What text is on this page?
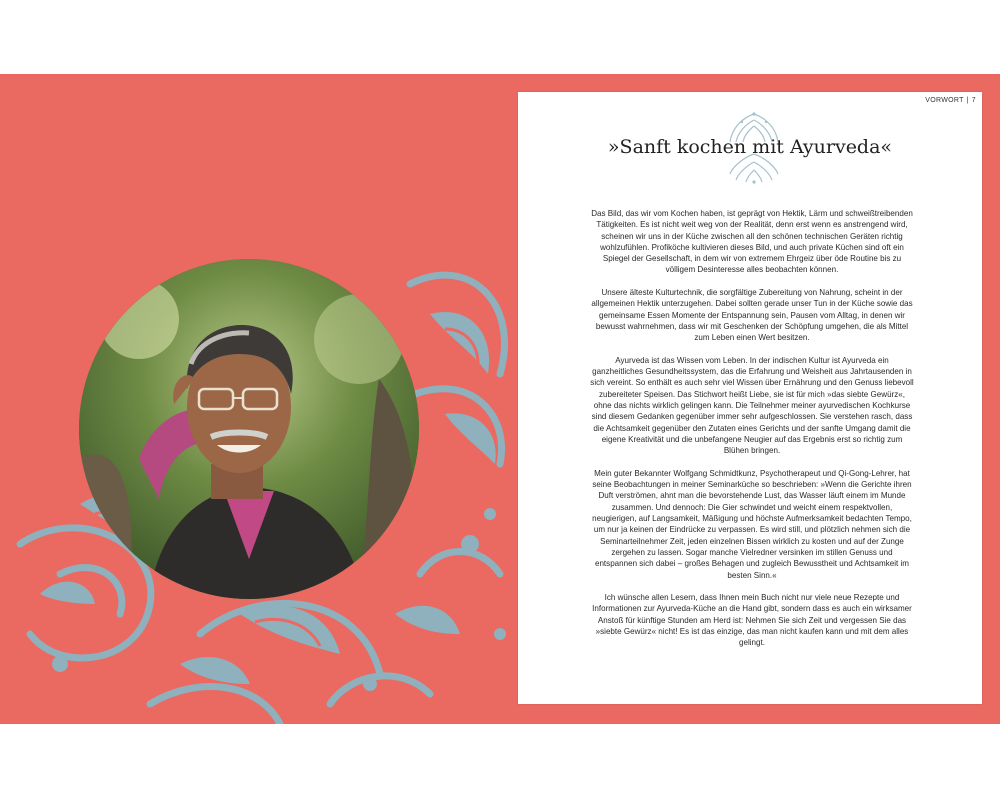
VORWORT | 7
»Sanft kochen mit Ayurveda«

Das Bild, das wir vom Kochen haben, ist geprägt von Hektik, Lärm und schweißtreibenden Tätigkeiten. Es ist nicht weit weg von der Realität, denn erst wenn es anstrengend wird, scheinen wir uns in der Küche zwischen all den schönen technischen Geräten richtig wohlzufühlen. Profiköche kultivieren dieses Bild, und auch private Küchen sind oft ein Spiegel der Gesellschaft, in dem wir von extremem Ehrgeiz über öde Routine bis zu völligem Desinteresse alles beobachten können.

Unsere älteste Kulturtechnik, die sorgfältige Zubereitung von Nahrung, scheint in der allgemeinen Hektik unterzugehen. Dabei sollten gerade unser Tun in der Küche sowie das gemeinsame Essen Momente der Entspannung sein, Pausen vom Alltag, in denen wir bewusst wahrnehmen, dass wir mit Geschenken der Schöpfung umgehen, die als Mittel zum Leben einen Wert besitzen.

Ayurveda ist das Wissen vom Leben. In der indischen Kultur ist Ayurveda ein ganzheitliches Gesundheitssystem, das die Erfahrung und Weisheit aus Jahrtausenden in sich vereint. So enthält es auch sehr viel Wissen über Ernährung und den Genuss liebevoll zubereiteter Speisen. Das Stichwort heißt Liebe, sie ist für mich »das siebte Gewürz«, ohne das nichts wirklich gelingen kann. Die Teilnehmer meiner ayurvedischen Kochkurse sind diesem Gedanken gegenüber immer sehr aufgeschlossen. Sie verstehen rasch, dass die Achtsamkeit gegenüber den Zutaten eines Gerichts und der sanfte Umgang damit die eigene Kreativität und die unbefangene Neugier auf das Ergebnis erst so richtig zum Blühen bringen.

Mein guter Bekannter Wolfgang Schmidtkunz, Psychotherapeut und Qi-Gong-Lehrer, hat seine Beobachtungen in meiner Seminarküche so beschrieben: »Wenn die Gerichte ihren Duft verströmen, ahnt man die bevorstehende Lust, das Wasser läuft einem im Munde zusammen. Und dennoch: Die Gier schwindet und weicht einem respektvollen, neugierigen, auf Langsamkeit, Mäßigung und höchste Aufmerksamkeit bedachten Tempo, um nur ja keinen der Eindrücke zu verpassen. Es wird still, und plötzlich nehmen sich die Seminarteilnehmer Zeit, jeden einzelnen Bissen wirklich zu kosten und auf der Zunge zergehen zu lassen. Sogar manche Vielredner versinken im stillen Genuss und entspannen sich dabei – großes Behagen und zugleich Bewusstheit und Achtsamkeit im besten Sinn.«

Ich wünsche allen Lesern, dass Ihnen mein Buch nicht nur viele neue Rezepte und Informationen zur Ayurveda-Küche an die Hand gibt, sondern dass es auch ein wirksamer Anstoß für künftige Stunden am Herd ist: Nehmen Sie sich Zeit und vergessen Sie das »siebte Gewürz« nicht! Es ist das einzige, das man nicht kaufen kann und mit dem alles gelingt.
